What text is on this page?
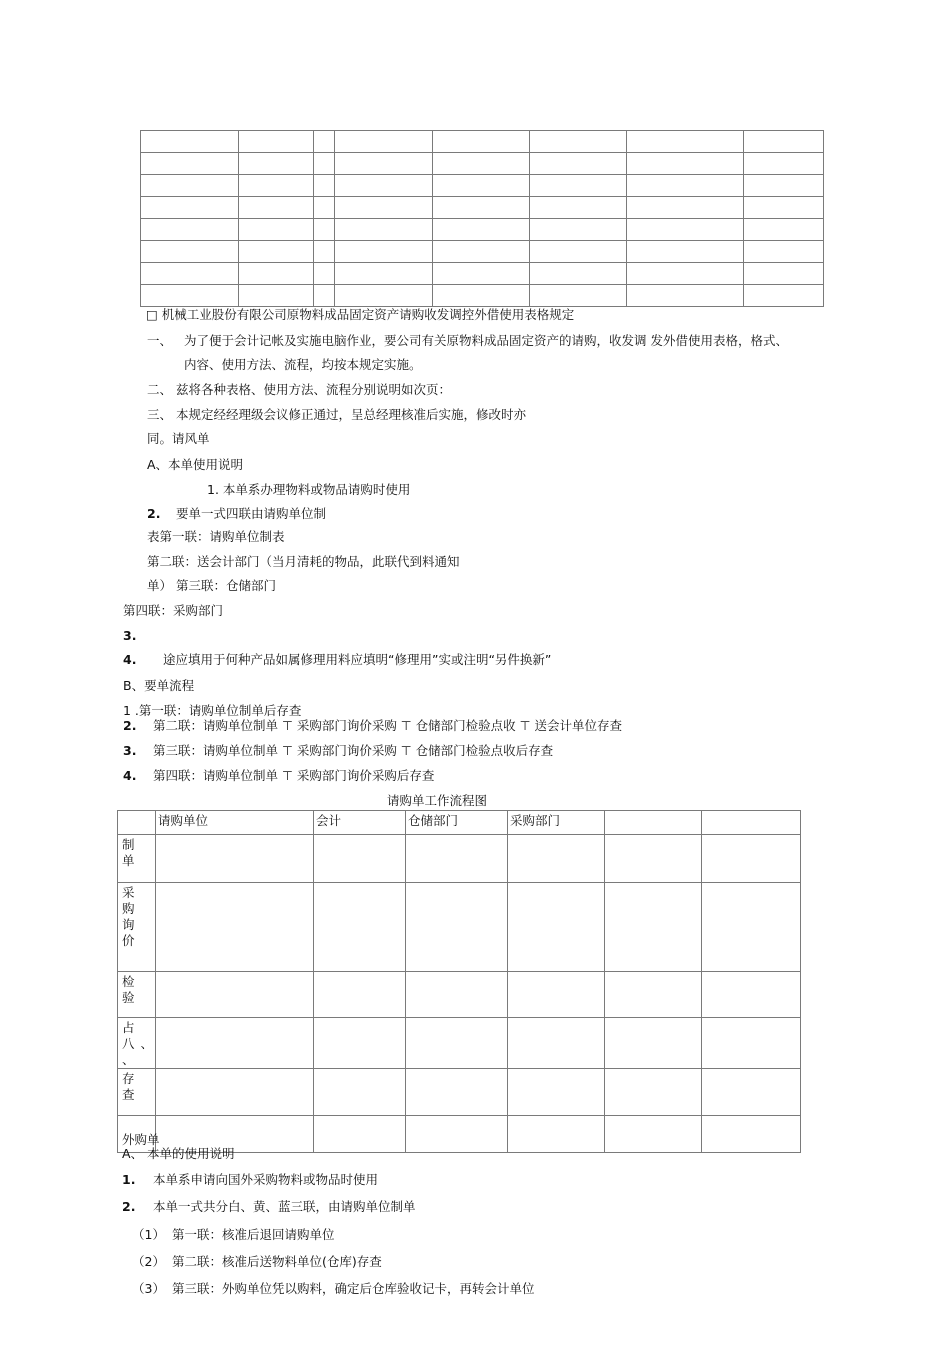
□ 机械工业股份有限公司原物料成品固定资产请购收发调控外借使用表格规定
一、 为了便于会计记帐及实施电脑作业，要公司有关原物料成品固定资产的请购，收发调 发外借使用表格，格式、
内容、使用方法、流程，均按本规定实施。
二、 兹将各种表格、使用方法、流程分别说明如次页：
三、 本规定经经理级会议修正通过，呈总经理核准后实施，修改时亦
同。请风单
A、本单使用说明
1. 本单系办理物料或物品请购时使用
2. 要单一式四联由请购单位制
表第一联：请购单位制表
第二联：送会计部门（当月清耗的物品，此联代到料通知
单） 第三联：仓储部门
第四联：采购部门
3.
4. 途应填用于何种产品如属修理用料应填明“修理用”实或注明“另件换新”
B、要单流程
1 .第一联：请购单位制单后存查
2. 第二联：请购单位制单 ⊤ 采购部门询价采购 ⊤ 仓储部门检验点收 ⊤ 送会计单位存查
3. 第三联：请购单位制单 ⊤ 采购部门询价采购 ⊤ 仓储部门检验点收后存查
4. 第四联：请购单位制单 ⊤ 采购部门询价采购后存查
请购单工作流程图
	请购单位	会计	仓储部门	采购部门		
制 单						
采 购 询 价						
检 验						
占 八、 、						
存 查						

外购单
A、 本单的使用说明
1. 本单系申请向国外采购物料或物品时使用
2. 本单一式共分白、黄、蓝三联，由请购单位制单
（1） 第一联：核准后退回请购单位
（2） 第二联：核准后送物料单位(仓库)存查
（3） 第三联：外购单位凭以购料，确定后仓库验收记卡，再转会计单位
